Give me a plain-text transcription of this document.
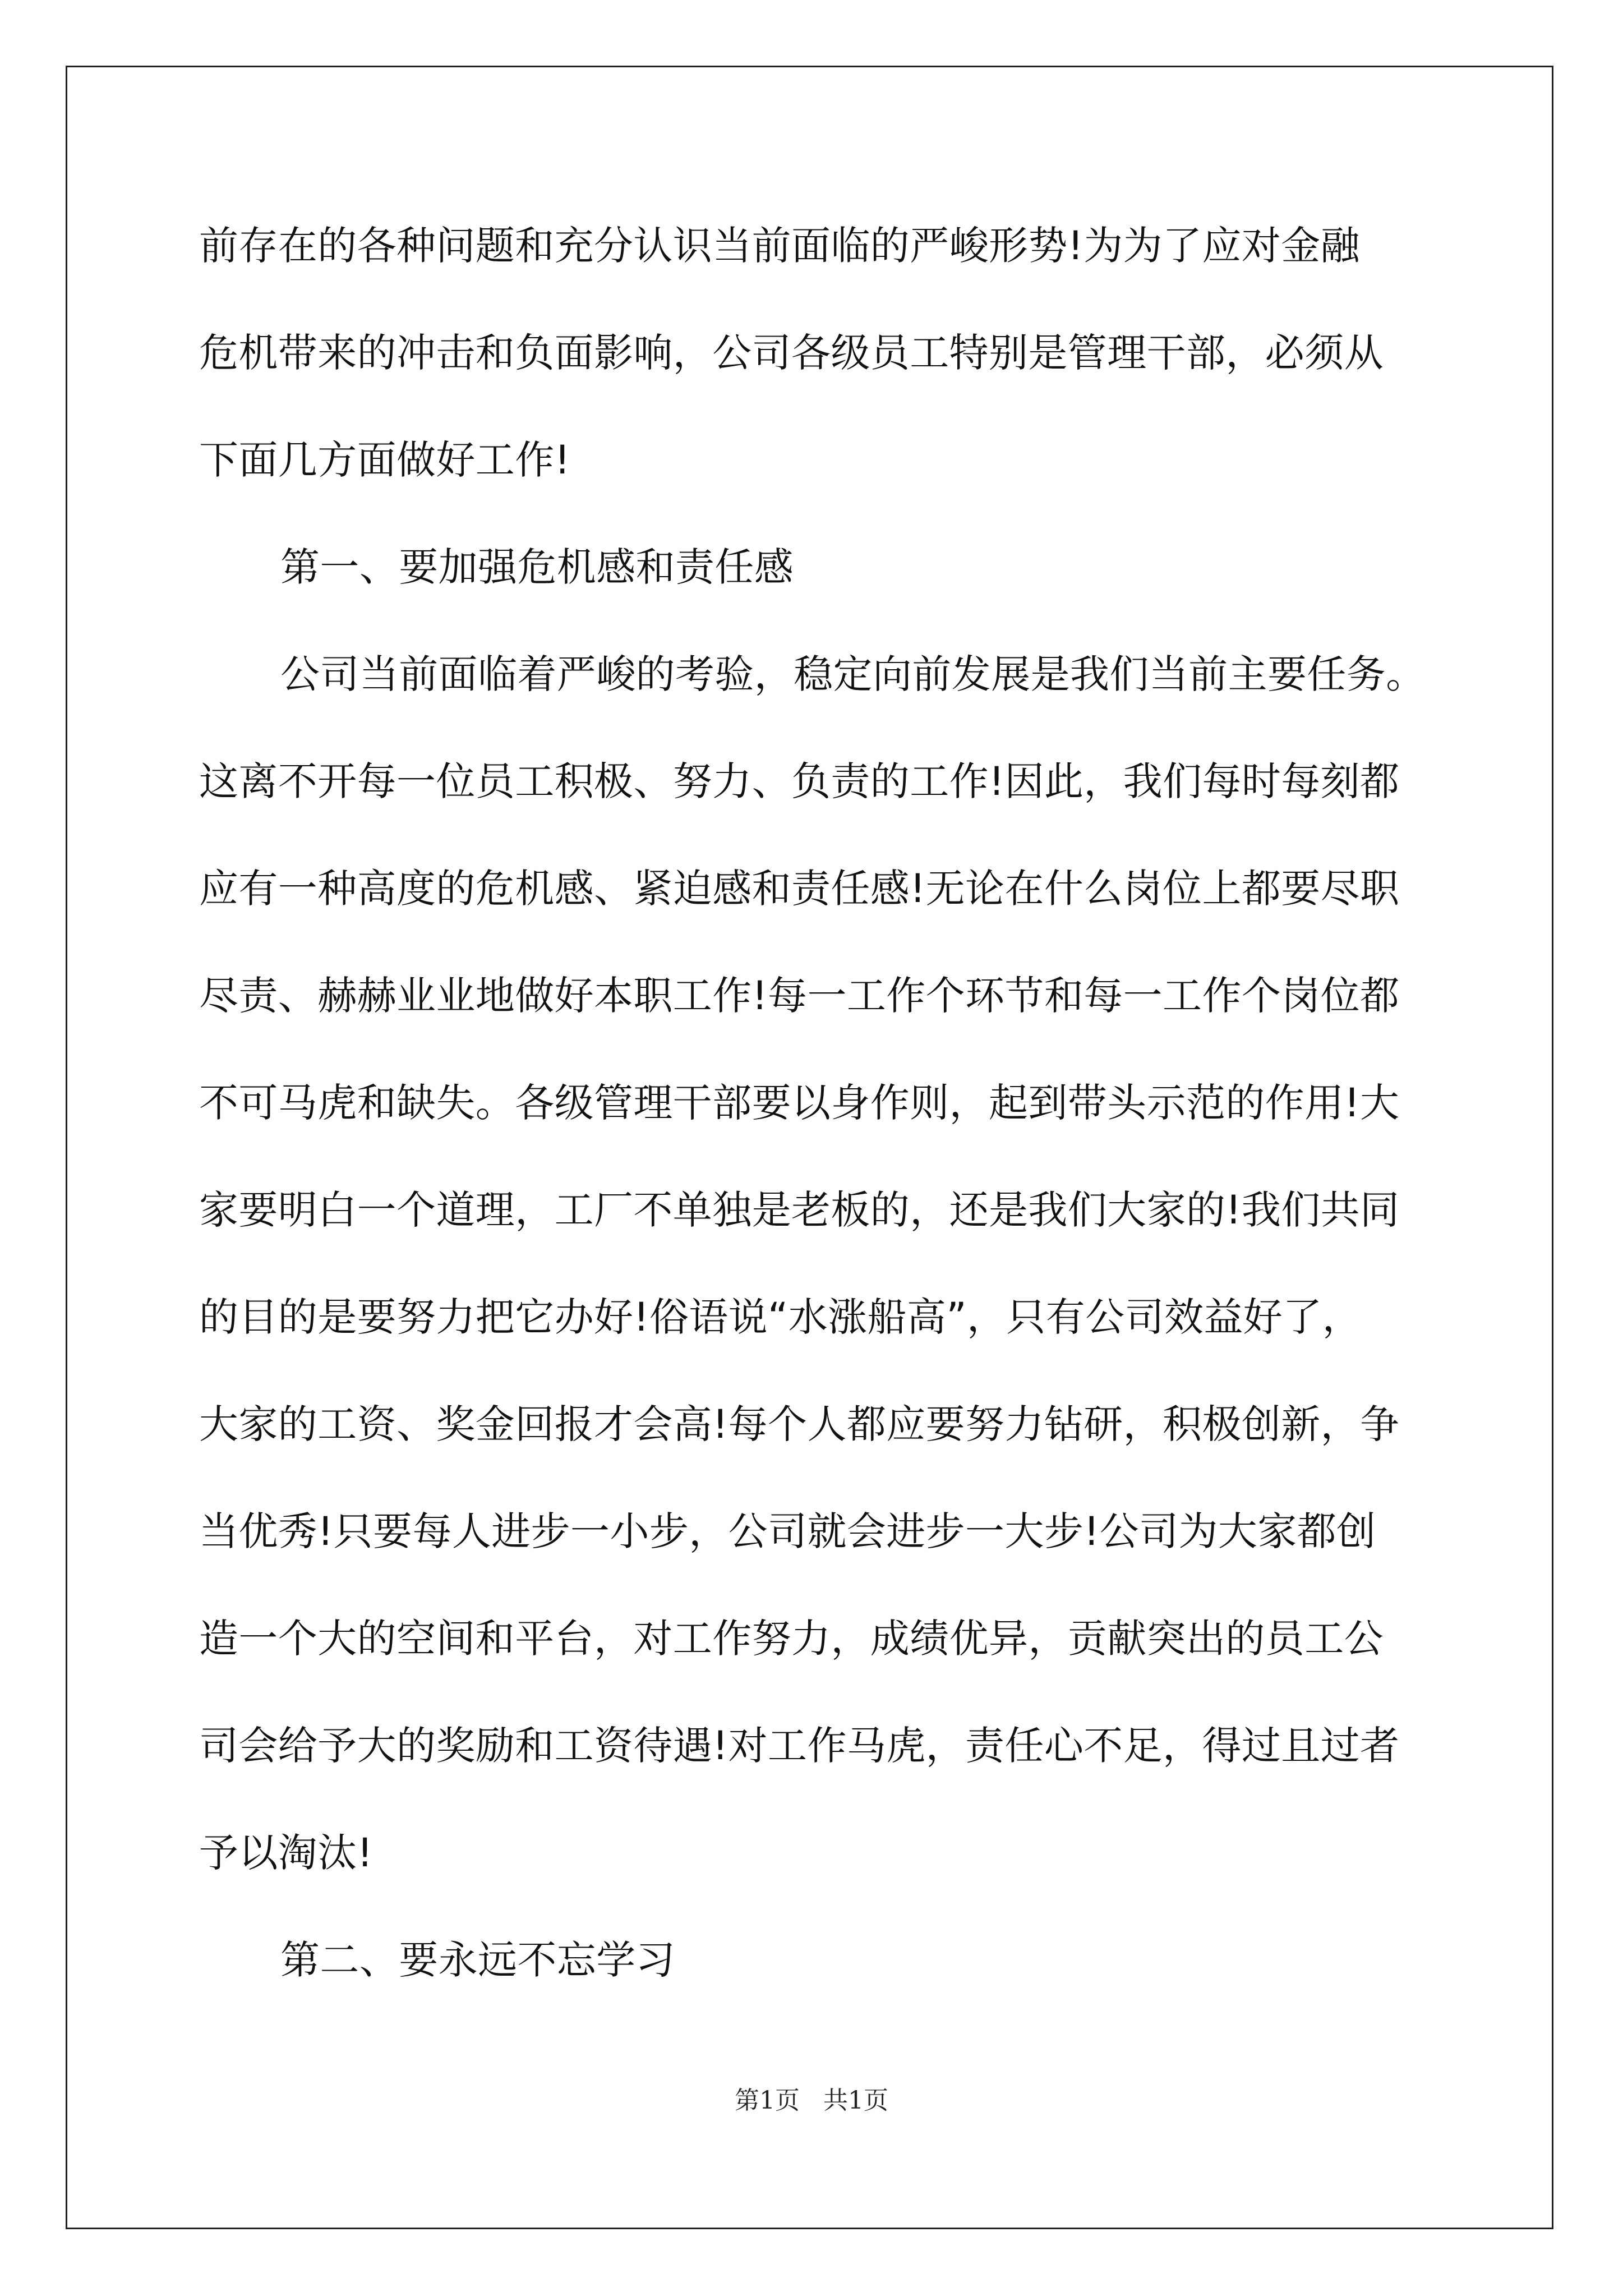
前存在的各种问题和充分认识当前面临的严峻形势!为为了应对金融
危机带来的冲击和负面影响，公司各级员工特别是管理干部，必须从
下面几方面做好工作!
第一、要加强危机感和责任感
公司当前面临着严峻的考验，稳定向前发展是我们当前主要任务。
这离不开每一位员工积极、努力、负责的工作!因此，我们每时每刻都
应有一种高度的危机感、紧迫感和责任感!无论在什么岗位上都要尽职
尽责、赫赫业业地做好本职工作!每一工作个环节和每一工作个岗位都
不可马虎和缺失。各级管理干部要以身作则，起到带头示范的作用!大
家要明白一个道理，工厂不单独是老板的，还是我们大家的!我们共同
的目的是要努力把它办好!俗语说“水涨船高”，只有公司效益好了，
大家的工资、奖金回报才会高!每个人都应要努力钻研，积极创新，争
当优秀!只要每人进步一小步，公司就会进步一大步!公司为大家都创
造一个大的空间和平台，对工作努力，成绩优异，贡献突出的员工公
司会给予大的奖励和工资待遇!对工作马虎，责任心不足，得过且过者
予以淘汰!
第二、要永远不忘学习
第1页 共1页
